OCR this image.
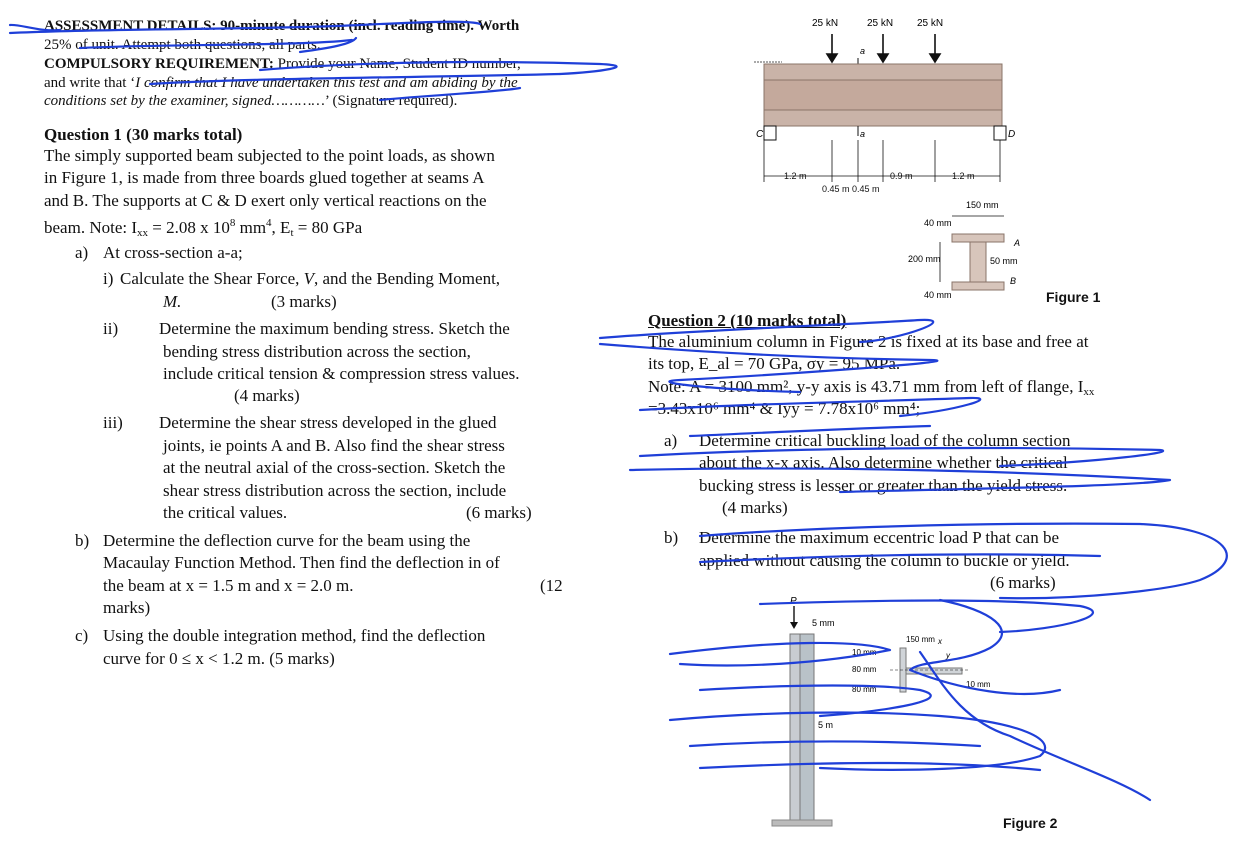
ASSESSMENT DETAILS: 90-minute duration (incl. reading time). Worth
25% of unit. Attempt both questions, all parts.
COMPULSORY REQUIREMENT: Provide your Name, Student ID number,
and write that ‘I confirm that I have undertaken this test and am abiding by the
conditions set by the examiner, signed…………’ (Signature required).
Question 1 (30 marks total)
The simply supported beam subjected to the point loads, as shown
in Figure 1, is made from three boards glued together at seams A
and B. The supports at C & D exert only vertical reactions on the
beam. Note: $I_{xx} = 2.08$ x $10^8$ $mm^4$, $E_t = 80$ GPa
a) At cross-section a-a;
i) Calculate the Shear Force, V, and the Bending Moment,
M.	(3 marks)
ii) Determine the maximum bending stress. Sketch the
bending stress distribution across the section,
include critical tension & compression stress values.
(4 marks)
iii) Determine the shear stress developed in the glued
joints, ie points A and B. Also find the shear stress
at the neutral axial of the cross-section. Sketch the
shear stress distribution across the section, include
the critical values.	(6 marks)
b) Determine the deflection curve for the beam using the
Macaulay Function Method. Then find the deflection in of
the beam at x = 1.5 m and x = 2.0 m.	(12
marks)
c) Using the double integration method, find the deflection
curve for 0 ≤ x < 1.2 m. (5 marks)
Question 2 (10 marks total)
The aluminium column in Figure 2 is fixed at its base and free at
its top, E_al = 70 GPa, σy = 95 MPa.
Note: A = 3100 mm², y-y axis is 43.71 mm from left of flange, $I_{xx}$
=3.43x10⁶ mm⁴ & Iyy = 7.78x10⁶ mm⁴;
a) Determine critical buckling load of the column section
about the x-x axis. Also determine whether the critical
bucking stress is lesser or greater than the yield stress.
(4 marks)
b) Determine the maximum eccentric load P that can be
applied without causing the column to buckle or yield.
(6 marks)
25 kN	25 kN 25 kN
a
C	D
a
1.2 m	0.9 m	1.2 m
0.45 m 0.45 m
150 mm
40 mm
200 mm	50 mm
40 mm
A
B
Figure 1
P
5 mm
5 m
10 mm
80 mm
80 mm
150 mm x
y
10 mm
Figure 2
